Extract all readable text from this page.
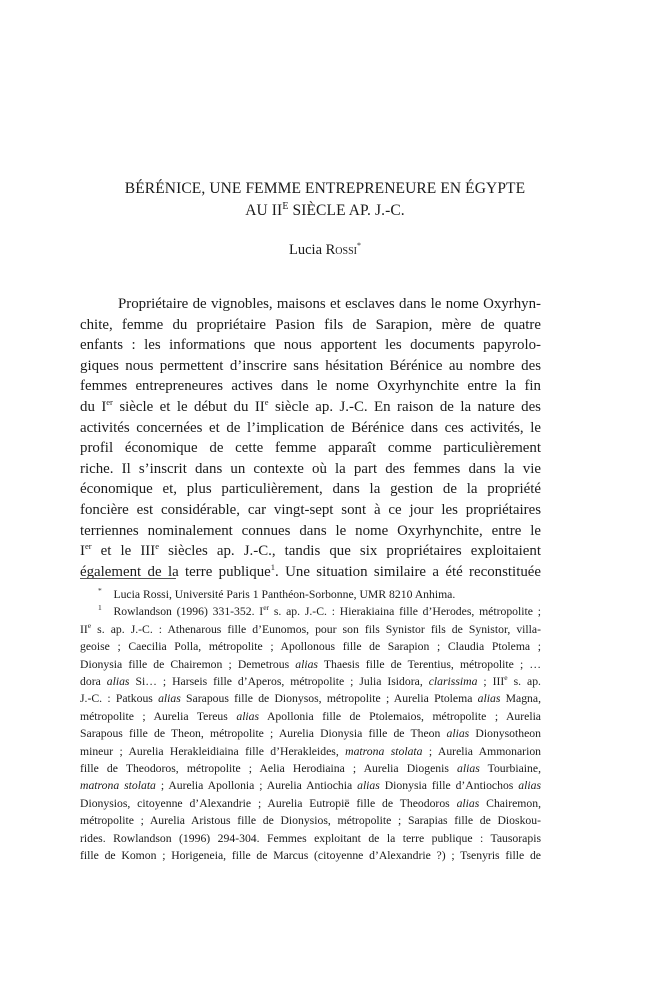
BÉRÉNICE, UNE FEMME ENTREPRENEURE EN ÉGYPTE
AU $II^E$ SIÈCLE AP. J.-C.
Lucia Rossi*
Propriétaire de vignobles, maisons et esclaves dans le nome Oxyrhyn-
chite, femme du propriétaire Pasion fils de Sarapion, mère de quatre
enfants : les informations que nous apportent les documents papyrolo-
giques nous permettent d’inscrire sans hésitation Bérénice au nombre des
femmes entrepreneures actives dans le nome Oxyrhynchite entre la fin
du Ier siècle et le début du IIe siècle ap. J.-C. En raison de la nature des
activités concernées et de l’implication de Bérénice dans ces activités, le
profil économique de cette femme apparaît comme particulièrement
riche. Il s’inscrit dans un contexte où la part des femmes dans la vie
économique et, plus particulièrement, dans la gestion de la propriété
foncière est considérable, car vingt-sept sont à ce jour les propriétaires
terriennes nominalement connues dans le nome Oxyrhynchite, entre le
Ier et le IIIe siècles ap. J.-C., tandis que six propriétaires exploitaient
également de la terre publique$^1$. Une situation similaire a été reconstituée
*  Lucia Rossi, Université Paris 1 Panthéon-Sorbonne, UMR 8210 Anhima.
$^1$  Rowlandson (1996) 331-352. Ier s. ap. J.-C. : Hierakiaina fille d’Herodes, métropolite ;
IIe s. ap. J.-C. : Athenarous fille d’Eunomos, pour son fils Synistor fils de Synistor, villa-
geoise ; Caecilia Polla, métropolite ; Apollonous fille de Sarapion ; Claudia Ptolema ;
Dionysia fille de Chairemon ; Demetrous alias Thaesis fille de Terentius, métropolite ; …
dora alias Si… ; Harseis fille d’Aperos, métropolite ; Julia Isidora, clarissima ; IIIe s. ap.
J.-C. : Patkous alias Sarapous fille de Dionysos, métropolite ; Aurelia Ptolema alias Magna,
métropolite ; Aurelia Tereus alias Apollonia fille de Ptolemaios, métropolite ; Aurelia
Sarapous fille de Theon, métropolite ; Aurelia Dionysia fille de Theon alias Dionysotheon
mineur ; Aurelia Herakleidiaina fille d’Herakleides, matrona stolata ; Aurelia Ammonarion
fille de Theodoros, métropolite ; Aelia Herodiaina ; Aurelia Diogenis alias Tourbiaine,
matrona stolata ; Aurelia Apollonia ; Aurelia Antiochia alias Dionysia fille d’Antiochos alias
Dionysios, citoyenne d’Alexandrie ; Aurelia Eutropië fille de Theodoros alias Chairemon,
métropolite ; Aurelia Aristous fille de Dionysios, métropolite ; Sarapias fille de Dioskou-
rides. Rowlandson (1996) 294-304. Femmes exploitant de la terre publique : Tausorapis
fille de Komon ; Horigeneia, fille de Marcus (citoyenne d’Alexandrie ?) ; Tsenyris fille de
